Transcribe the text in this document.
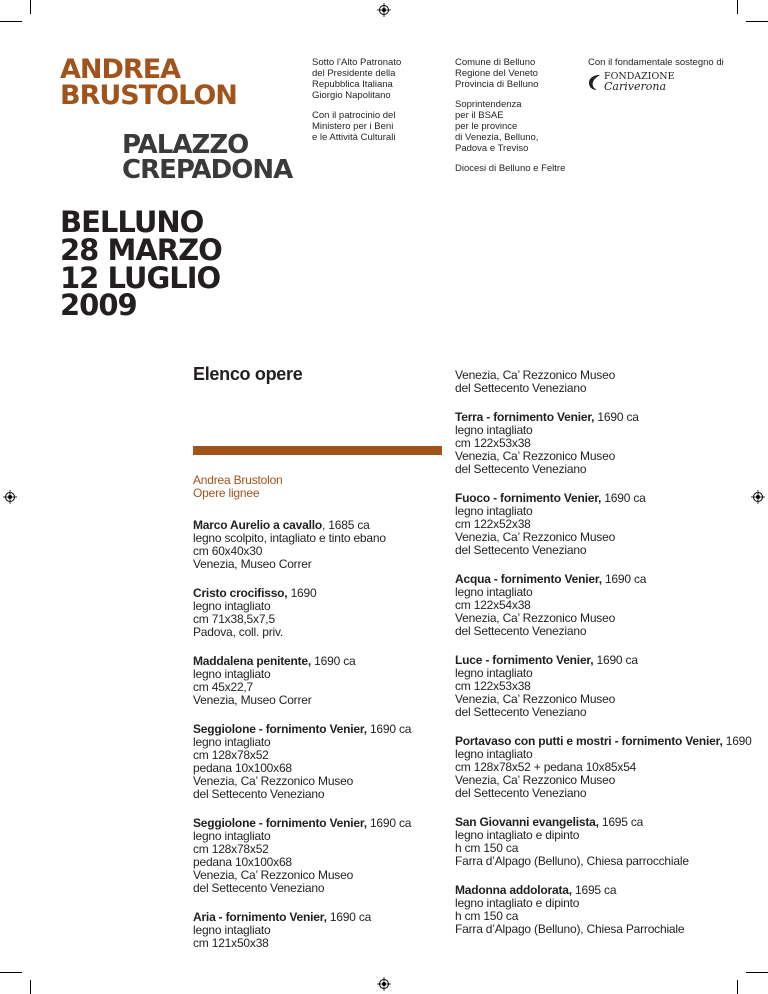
ANDREA
BRUSTOLON
PALAZZO
CREPADONA
BELLUNO
28 MARZO
12 LUGLIO
2009

Sotto l’Alto Patronato
del Presidente della
Repubblica Italiana
Giorgio Napolitano

Con il patrocinio del
Ministero per i Beni
e le Attività Culturali

Comune di Belluno
Regione del Veneto
Provincia di Belluno

Soprintendenza
per il BSAE
per le province
di Venezia, Belluno,
Padova e Treviso

Diocesi di Belluno e Feltre

Con il fondamentale sostegno di
FONDAZIONE
Cariverona
Elenco opere
Andrea Brustolon
Opere lignee
Marco Aurelio a cavallo, 1685 ca
legno scolpito, intagliato e tinto ebano
cm 60x40x30
Venezia, Museo Correr
Cristo crocifisso, 1690
legno intagliato
cm 71x38,5x7,5
Padova, coll. priv.
Maddalena penitente, 1690 ca
legno intagliato
cm 45x22,7
Venezia, Museo Correr
Seggiolone - fornimento Venier, 1690 ca
legno intagliato
cm 128x78x52
pedana 10x100x68
Venezia, Ca’ Rezzonico Museo
del Settecento Veneziano
Seggiolone - fornimento Venier, 1690 ca
legno intagliato
cm 128x78x52
pedana 10x100x68
Venezia, Ca’ Rezzonico Museo
del Settecento Veneziano
Aria - fornimento Venier, 1690 ca
legno intagliato
cm 121x50x38
Venezia, Ca’ Rezzonico Museo
del Settecento Veneziano
Terra - fornimento Venier, 1690 ca
legno intagliato
cm 122x53x38
Venezia, Ca’ Rezzonico Museo
del Settecento Veneziano
Fuoco - fornimento Venier, 1690 ca
legno intagliato
cm 122x52x38
Venezia, Ca’ Rezzonico Museo
del Settecento Veneziano
Acqua - fornimento Venier, 1690 ca
legno intagliato
cm 122x54x38
Venezia, Ca’ Rezzonico Museo
del Settecento Veneziano
Luce - fornimento Venier, 1690 ca
legno intagliato
cm 122x53x38
Venezia, Ca’ Rezzonico Museo
del Settecento Veneziano
Portavaso con putti e mostri - fornimento Venier, 1690
legno intagliato
cm 128x78x52 + pedana 10x85x54
Venezia, Ca’ Rezzonico Museo
del Settecento Veneziano
San Giovanni evangelista, 1695 ca
legno intagliato e dipinto
h cm 150 ca
Farra d’Alpago (Belluno), Chiesa parrocchiale
Madonna addolorata, 1695 ca
legno intagliato e dipinto
h cm 150 ca
Farra d’Alpago (Belluno), Chiesa Parrochiale
